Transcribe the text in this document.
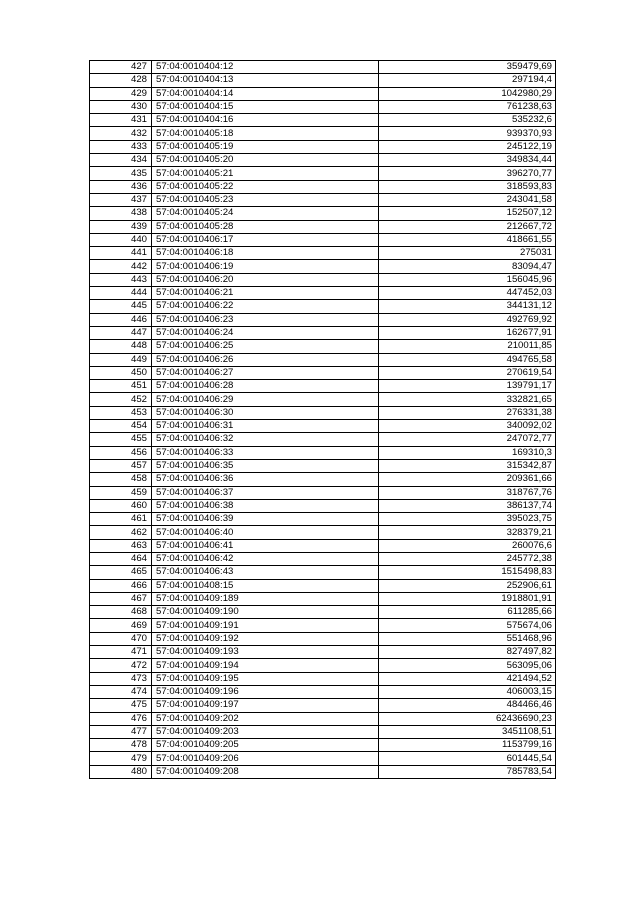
427	57:04:0010404:12	359479,69
428	57:04:0010404:13	297194,4
429	57:04:0010404:14	1042980,29
430	57:04:0010404:15	761238,63
431	57:04:0010404:16	535232,6
432	57:04:0010405:18	939370,93
433	57:04:0010405:19	245122,19
434	57:04:0010405:20	349834,44
435	57:04:0010405:21	396270,77
436	57:04:0010405:22	318593,83
437	57:04:0010405:23	243041,58
438	57:04:0010405:24	152507,12
439	57:04:0010405:28	212667,72
440	57:04:0010406:17	418661,55
441	57:04:0010406:18	275031
442	57:04:0010406:19	83094,47
443	57:04:0010406:20	156045,96
444	57:04:0010406:21	447452,03
445	57:04:0010406:22	344131,12
446	57:04:0010406:23	492769,92
447	57:04:0010406:24	162677,91
448	57:04:0010406:25	210011,85
449	57:04:0010406:26	494765,58
450	57:04:0010406:27	270619,54
451	57:04:0010406:28	139791,17
452	57:04:0010406:29	332821,65
453	57:04:0010406:30	276331,38
454	57:04:0010406:31	340092,02
455	57:04:0010406:32	247072,77
456	57:04:0010406:33	169310,3
457	57:04:0010406:35	315342,87
458	57:04:0010406:36	209361,66
459	57:04:0010406:37	318767,76
460	57:04:0010406:38	386137,74
461	57:04:0010406:39	395023,75
462	57:04:0010406:40	328379,21
463	57:04:0010406:41	260076,6
464	57:04:0010406:42	245772,38
465	57:04:0010406:43	1515498,83
466	57:04:0010408:15	252906,61
467	57:04:0010409:189	1918801,91
468	57:04:0010409:190	611285,66
469	57:04:0010409:191	575674,06
470	57:04:0010409:192	551468,96
471	57:04:0010409:193	827497,82
472	57:04:0010409:194	563095,06
473	57:04:0010409:195	421494,52
474	57:04:0010409:196	406003,15
475	57:04:0010409:197	484466,46
476	57:04:0010409:202	62436690,23
477	57:04:0010409:203	3451108,51
478	57:04:0010409:205	1153799,16
479	57:04:0010409:206	601445,54
480	57:04:0010409:208	785783,54
